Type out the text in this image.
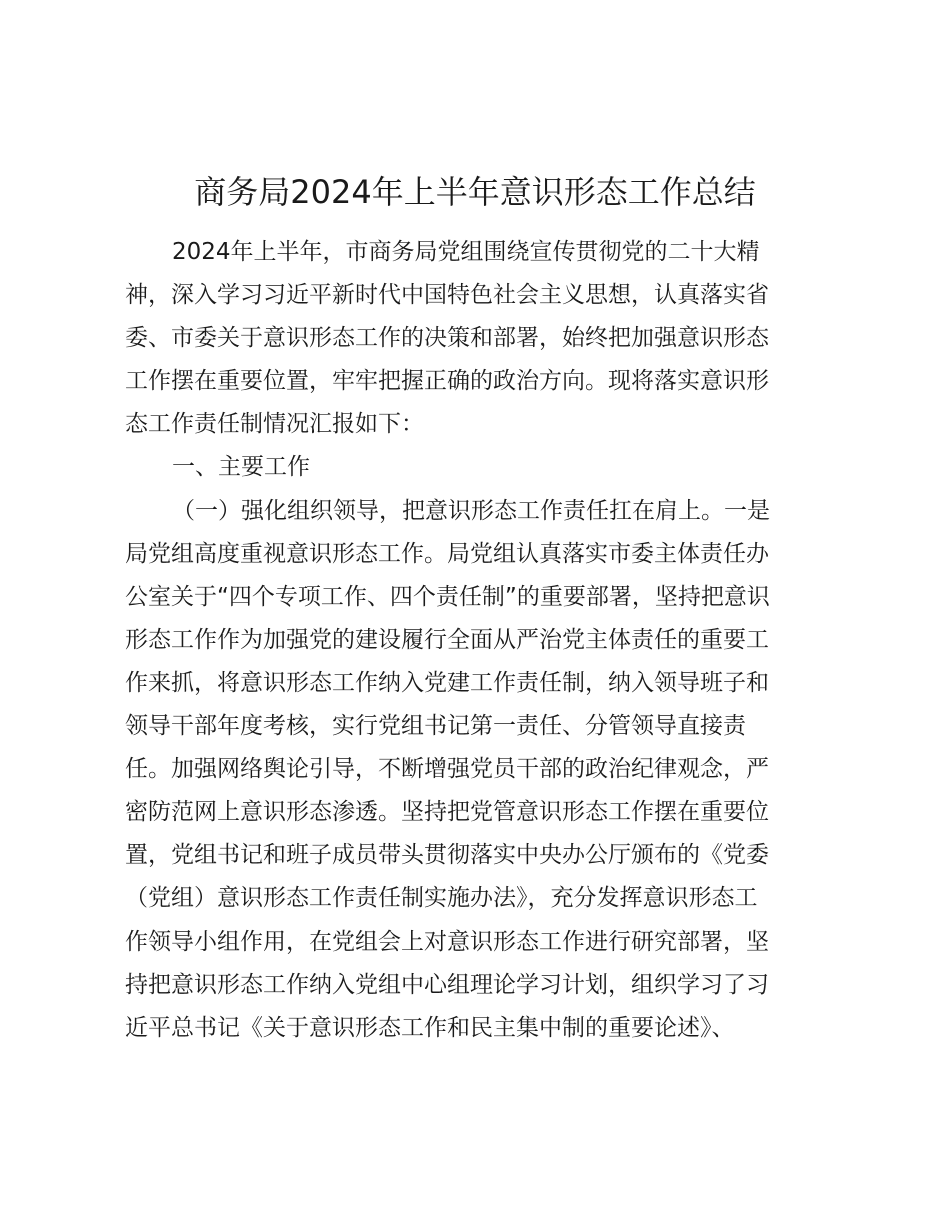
商务局2024年上半年意识形态工作总结
2024年上半年，市商务局党组围绕宣传贯彻党的二十大精
神，深入学习习近平新时代中国特色社会主义思想，认真落实省
委、市委关于意识形态工作的决策和部署，始终把加强意识形态
工作摆在重要位置，牢牢把握正确的政治方向。现将落实意识形
态工作责任制情况汇报如下：
一、主要工作
（一）强化组织领导，把意识形态工作责任扛在肩上。一是
局党组高度重视意识形态工作。局党组认真落实市委主体责任办
公室关于“四个专项工作、四个责任制”的重要部署，坚持把意识
形态工作作为加强党的建设履行全面从严治党主体责任的重要工
作来抓，将意识形态工作纳入党建工作责任制，纳入领导班子和
领导干部年度考核，实行党组书记第一责任、分管领导直接责
任。加强网络舆论引导，不断增强党员干部的政治纪律观念，严
密防范网上意识形态渗透。坚持把党管意识形态工作摆在重要位
置，党组书记和班子成员带头贯彻落实中央办公厅颁布的《党委
（党组）意识形态工作责任制实施办法》，充分发挥意识形态工
作领导小组作用，在党组会上对意识形态工作进行研究部署，坚
持把意识形态工作纳入党组中心组理论学习计划，组织学习了习
近平总书记《关于意识形态工作和民主集中制的重要论述》、
